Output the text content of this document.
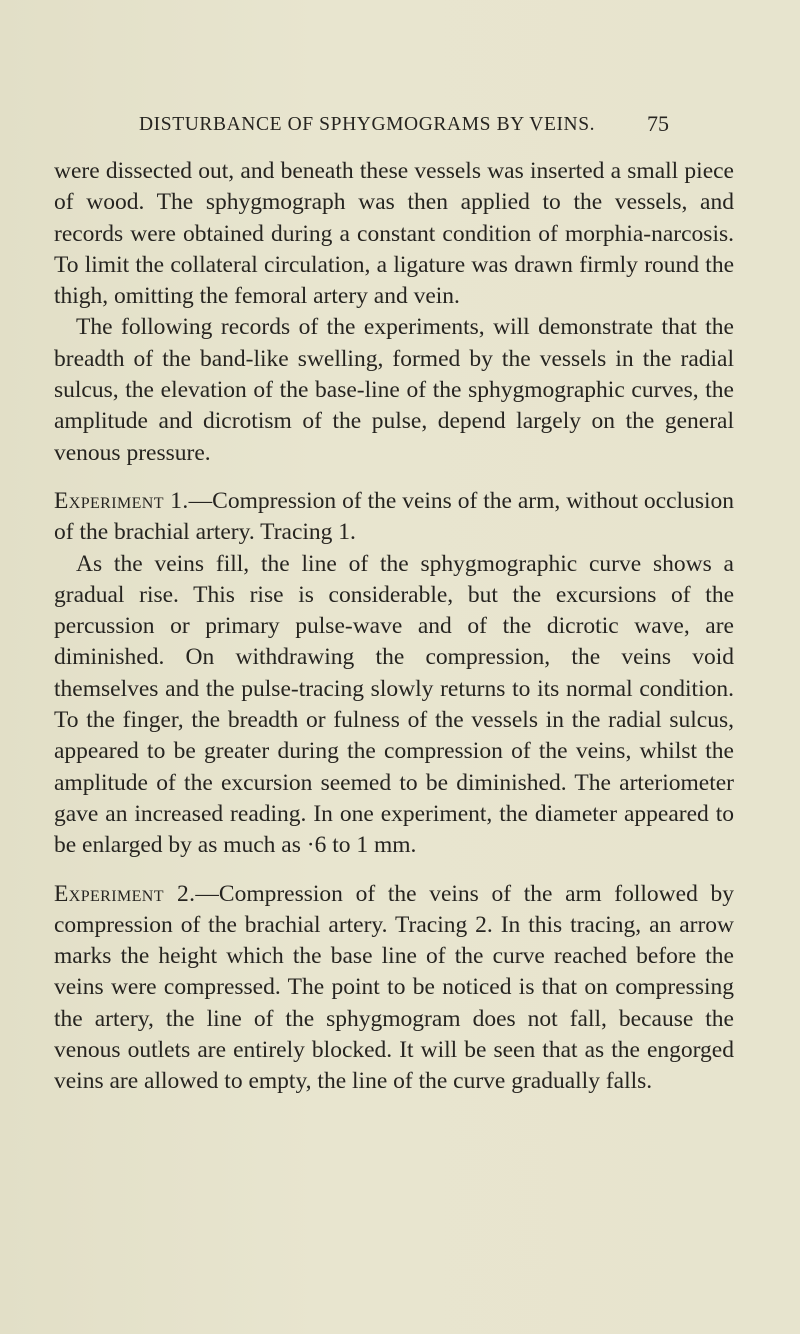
DISTURBANCE OF SPHYGMOGRAMS BY VEINS. 75

were dissected out, and beneath these vessels was inserted a small piece of wood. The sphygmograph was then applied to the vessels, and records were obtained during a constant condition of morphia-narcosis. To limit the collateral circulation, a ligature was drawn firmly round the thigh, omitting the femoral artery and vein.

The following records of the experiments, will demonstrate that the breadth of the band-like swelling, formed by the vessels in the radial sulcus, the elevation of the base-line of the sphygmographic curves, the amplitude and dicrotism of the pulse, depend largely on the general venous pressure.

Experiment 1.—Compression of the veins of the arm, without occlusion of the brachial artery. Tracing 1.

As the veins fill, the line of the sphygmographic curve shows a gradual rise. This rise is considerable, but the excursions of the percussion or primary pulse-wave and of the dicrotic wave, are diminished. On withdrawing the compression, the veins void themselves and the pulse-tracing slowly returns to its normal condition. To the finger, the breadth or fulness of the vessels in the radial sulcus, appeared to be greater during the compression of the veins, whilst the amplitude of the excursion seemed to be diminished. The arteriometer gave an increased reading. In one experiment, the diameter appeared to be enlarged by as much as ·6 to 1 mm.

Experiment 2.—Compression of the veins of the arm followed by compression of the brachial artery. Tracing 2. In this tracing, an arrow marks the height which the base line of the curve reached before the veins were compressed. The point to be noticed is that on compressing the artery, the line of the sphygmogram does not fall, because the venous outlets are entirely blocked. It will be seen that as the engorged veins are allowed to empty, the line of the curve gradually falls.
